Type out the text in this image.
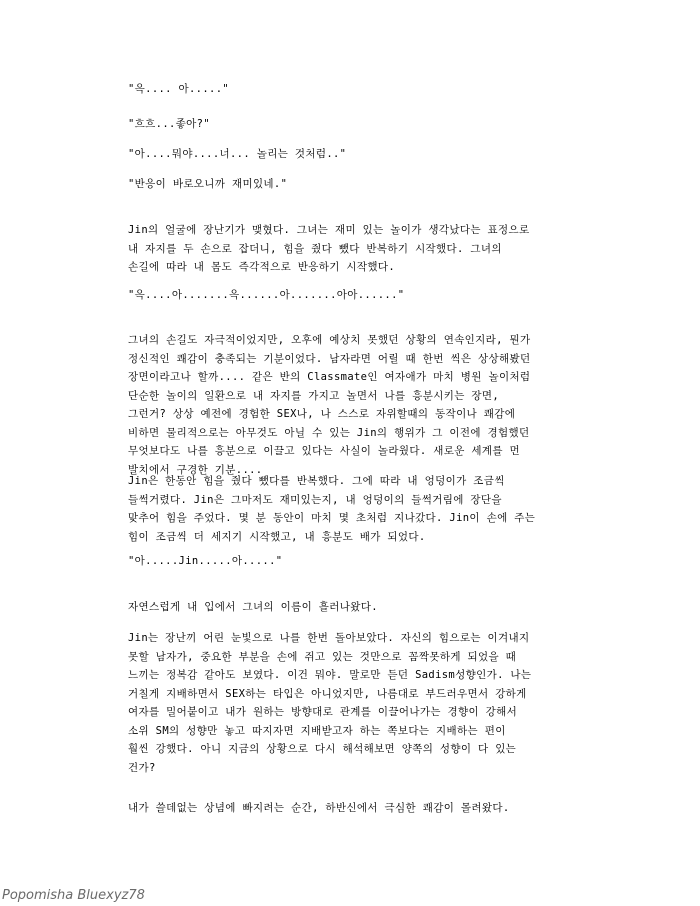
"윽.... 아....."

"흐흐...좋아?"

"아....뭐야....너... 놀리는 것처럼.."

"반응이 바로오니까 재미있네."

Jin의 얼굴에 장난기가 맺혔다. 그녀는 재미 있는 놀이가 생각났다는 표정으로
내 자지를 두 손으로 잡더니, 힘을 줬다 뺐다 반복하기 시작했다. 그녀의
손길에 따라 내 몸도 즉각적으로 반응하기 시작했다.

"윽....아.......윽......아.......아아......"

그녀의 손길도 자극적이었지만, 오후에 예상치 못했던 상황의 연속인지라, 뭔가
정신적인 쾌감이 충족되는 기분이었다. 남자라면 어릴 때 한번 씩은 상상해봤던
장면이라고나 할까.... 같은 반의 Classmate인 여자애가 마치 병원 놀이처럼
단순한 놀이의 일환으로 내 자지를 가지고 놀면서 나를 흥분시키는 장면,
그런거? 상상 예전에 경험한 SEX나, 나 스스로 자위할때의 동작이나 쾌감에
비하면 물리적으로는 아무것도 아닐 수 있는 Jin의 행위가 그 이전에 경험했던
무엇보다도 나를 흥분으로 이끌고 있다는 사실이 놀라웠다. 새로운 세계를 먼
발치에서 구경한 기분....

Jin은 한동안 힘을 줬다 뺐다를 반복했다. 그에 따라 내 엉덩이가 조금씩
들썩거렸다. Jin은 그마저도 재미있는지, 내 엉덩이의 들썩거림에 장단을
맞추어 힘을 주었다. 몇 분 동안이 마치 몇 초처럼 지나갔다. Jin이 손에 주는
힘이 조금씩 더 세지기 시작했고, 내 흥분도 배가 되었다.

"아.....Jin.....아....."

자연스럽게 내 입에서 그녀의 이름이 흘러나왔다.

Jin는 장난끼 어린 눈빛으로 나를 한번 돌아보았다. 자신의 힘으로는 이겨내지
못할 남자가, 중요한 부분을 손에 쥐고 있는 것만으로 꼼짝못하게 되었을 때
느끼는 정복감 같아도 보였다. 이건 뭐야. 말로만 듣던 Sadism성향인가. 나는
거칠게 지배하면서 SEX하는 타입은 아니었지만, 나름대로 부드러우면서 강하게
여자를 밀어붙이고 내가 원하는 방향대로 관계를 이끌어나가는 경향이 강해서
소위 SM의 성향만 놓고 따지자면 지배받고자 하는 쪽보다는 지배하는 편이
훨씬 강했다. 아니 지금의 상황으로 다시 해석해보면 양쪽의 성향이 다 있는
건가?

내가 쓸데없는 상념에 빠지려는 순간, 하반신에서 극심한 쾌감이 몰려왔다.

Popomisha Bluexyz78
